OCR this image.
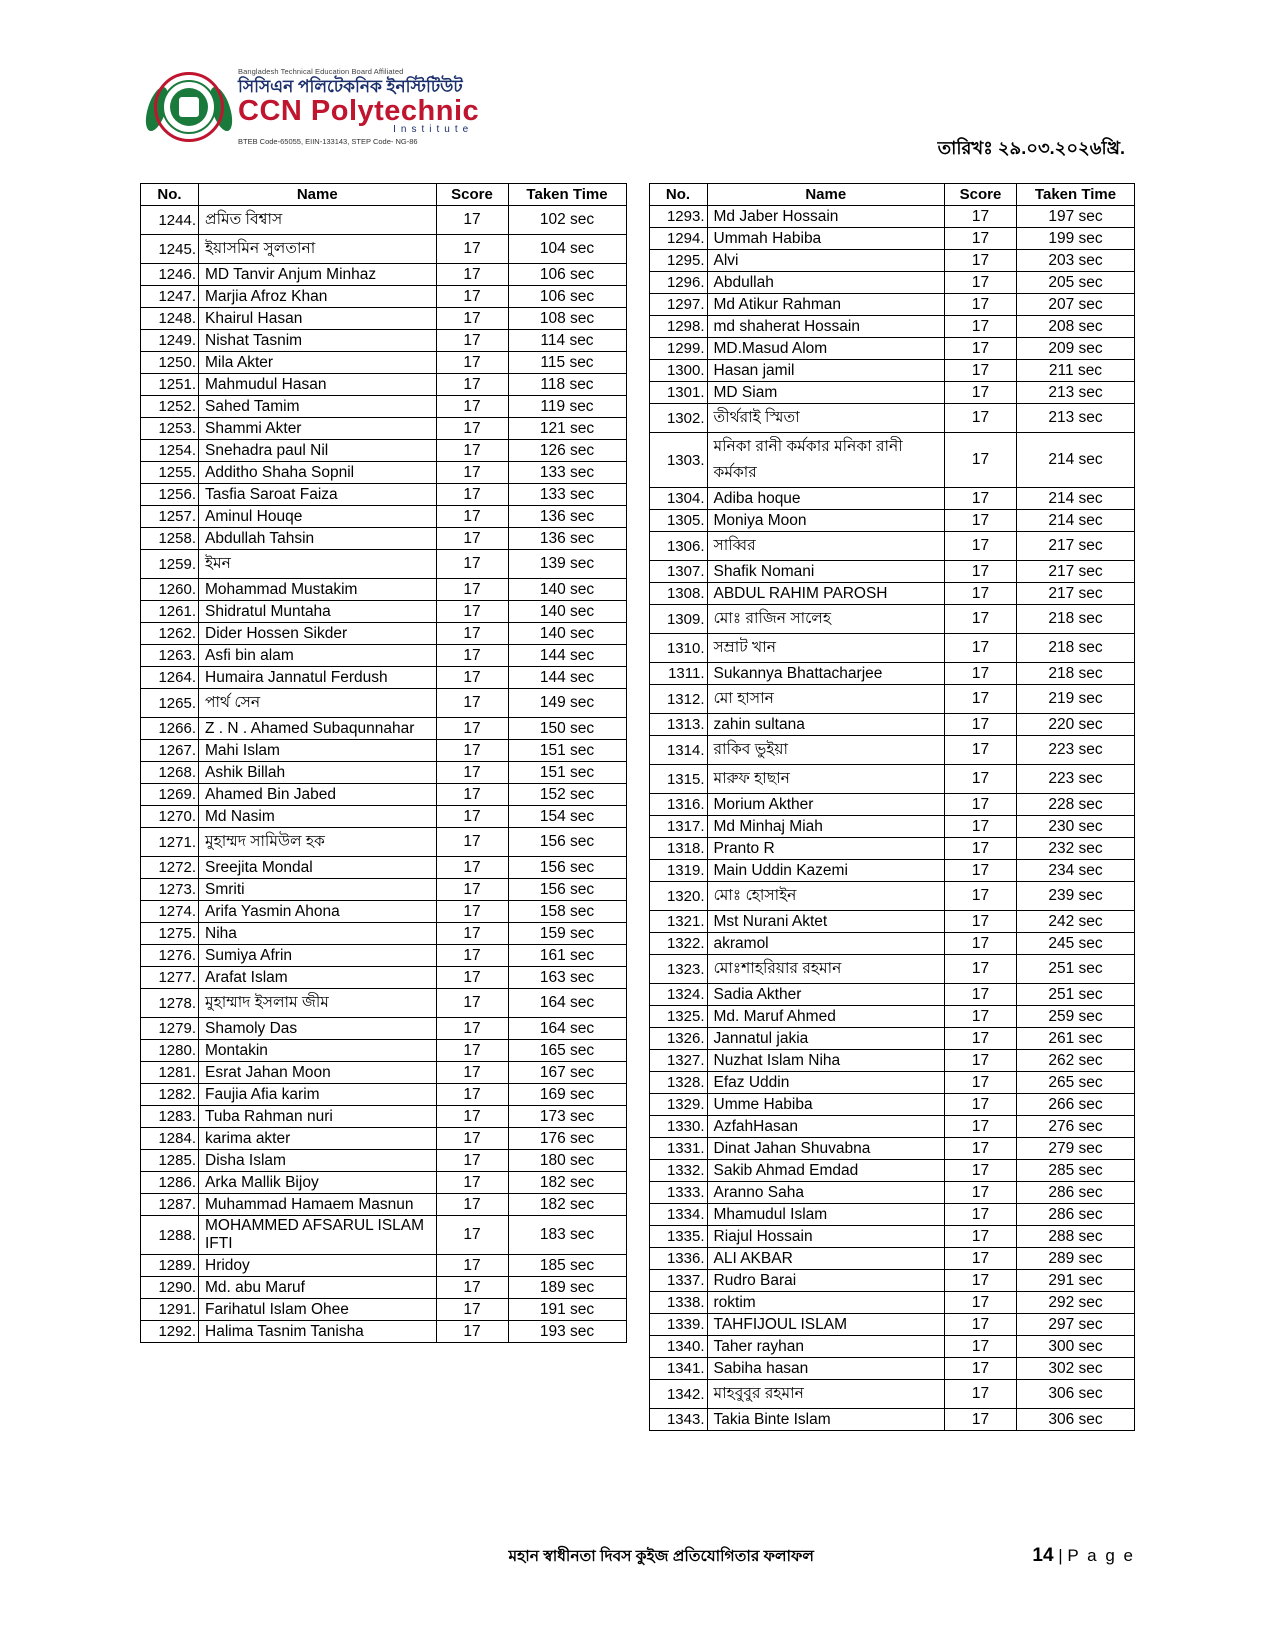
Bangladesh Technical Education Board Affiliated
সিসিএন পলিটেকনিক ইনস্টিটিউট
CCN Polytechnic
Institute
BTEB Code-65055, EIIN-133143, STEP Code- NG-86	তারিখঃ ২৯.০৩.২০২৬খ্রি.
No.	Name	Score	Taken Time
1244.	প্রমিত বিশ্বাস	17	102 sec
1245.	ইয়াসমিন সুলতানা	17	104 sec
1246.	MD Tanvir Anjum Minhaz	17	106 sec
1247.	Marjia Afroz Khan	17	106 sec
1248.	Khairul Hasan	17	108 sec
1249.	Nishat Tasnim	17	114 sec
1250.	Mila Akter	17	115 sec
1251.	Mahmudul Hasan	17	118 sec
1252.	Sahed Tamim	17	119 sec
1253.	Shammi Akter	17	121 sec
1254.	Snehadra paul Nil	17	126 sec
1255.	Additho Shaha Sopnil	17	133 sec
1256.	Tasfia Saroat Faiza	17	133 sec
1257.	Aminul Houqe	17	136 sec
1258.	Abdullah Tahsin	17	136 sec
1259.	ইমন	17	139 sec
1260.	Mohammad Mustakim	17	140 sec
1261.	Shidratul Muntaha	17	140 sec
1262.	Dider Hossen Sikder	17	140 sec
1263.	Asfi bin alam	17	144 sec
1264.	Humaira Jannatul Ferdush	17	144 sec
1265.	পার্থ সেন	17	149 sec
1266.	Z . N . Ahamed Subaqunnahar	17	150 sec
1267.	Mahi Islam	17	151 sec
1268.	Ashik Billah	17	151 sec
1269.	Ahamed Bin Jabed	17	152 sec
1270.	Md Nasim	17	154 sec
1271.	মুহাম্মদ সামিউল হক	17	156 sec
1272.	Sreejita Mondal	17	156 sec
1273.	Smriti	17	156 sec
1274.	Arifa Yasmin Ahona	17	158 sec
1275.	Niha	17	159 sec
1276.	Sumiya Afrin	17	161 sec
1277.	Arafat Islam	17	163 sec
1278.	মুহাম্মাদ ইসলাম জীম	17	164 sec
1279.	Shamoly Das	17	164 sec
1280.	Montakin	17	165 sec
1281.	Esrat Jahan Moon	17	167 sec
1282.	Faujia Afia karim	17	169 sec
1283.	Tuba Rahman nuri	17	173 sec
1284.	karima akter	17	176 sec
1285.	Disha Islam	17	180 sec
1286.	Arka Mallik Bijoy	17	182 sec
1287.	Muhammad Hamaem Masnun	17	182 sec
1288.	MOHAMMED AFSARUL ISLAM IFTI	17	183 sec
1289.	Hridoy	17	185 sec
1290.	Md. abu Maruf	17	189 sec
1291.	Farihatul Islam Ohee	17	191 sec
1292.	Halima Tasnim Tanisha	17	193 sec
No.	Name	Score	Taken Time
1293.	Md Jaber Hossain	17	197 sec
1294.	Ummah Habiba	17	199 sec
1295.	Alvi	17	203 sec
1296.	Abdullah	17	205 sec
1297.	Md Atikur Rahman	17	207 sec
1298.	md shaherat Hossain	17	208 sec
1299.	MD.Masud Alom	17	209 sec
1300.	Hasan jamil	17	211 sec
1301.	MD Siam	17	213 sec
1302.	তীর্থরাই স্মিতা	17	213 sec
1303.	মনিকা রানী কর্মকার মনিকা রানী কর্মকার	17	214 sec
1304.	Adiba hoque	17	214 sec
1305.	Moniya Moon	17	214 sec
1306.	সাব্বির	17	217 sec
1307.	Shafik Nomani	17	217 sec
1308.	ABDUL RAHIM PAROSH	17	217 sec
1309.	মোঃ রাজিন সালেহ	17	218 sec
1310.	সম্রাট খান	17	218 sec
1311.	Sukannya Bhattacharjee	17	218 sec
1312.	মো হাসান	17	219 sec
1313.	zahin sultana	17	220 sec
1314.	রাকিব ভুইয়া	17	223 sec
1315.	মারুফ হাছান	17	223 sec
1316.	Morium Akther	17	228 sec
1317.	Md Minhaj Miah	17	230 sec
1318.	Pranto R	17	232 sec
1319.	Main Uddin Kazemi	17	234 sec
1320.	মোঃ হোসাইন	17	239 sec
1321.	Mst Nurani Aktet	17	242 sec
1322.	akramol	17	245 sec
1323.	মোঃশাহরিয়ার রহমান	17	251 sec
1324.	Sadia Akther	17	251 sec
1325.	Md. Maruf Ahmed	17	259 sec
1326.	Jannatul jakia	17	261 sec
1327.	Nuzhat Islam Niha	17	262 sec
1328.	Efaz Uddin	17	265 sec
1329.	Umme Habiba	17	266 sec
1330.	AzfahHasan	17	276 sec
1331.	Dinat Jahan Shuvabna	17	279 sec
1332.	Sakib Ahmad Emdad	17	285 sec
1333.	Aranno Saha	17	286 sec
1334.	Mhamudul Islam	17	286 sec
1335.	Riajul Hossain	17	288 sec
1336.	ALI AKBAR	17	289 sec
1337.	Rudro Barai	17	291 sec
1338.	roktim	17	292 sec
1339.	TAHFIJOUL ISLAM	17	297 sec
1340.	Taher rayhan	17	300 sec
1341.	Sabiha hasan	17	302 sec
1342.	মাহবুবুর রহমান	17	306 sec
1343.	Takia Binte Islam	17	306 sec
মহান স্বাধীনতা দিবস কুইজ প্রতিযোগিতার ফলাফল	14 | P a g e
